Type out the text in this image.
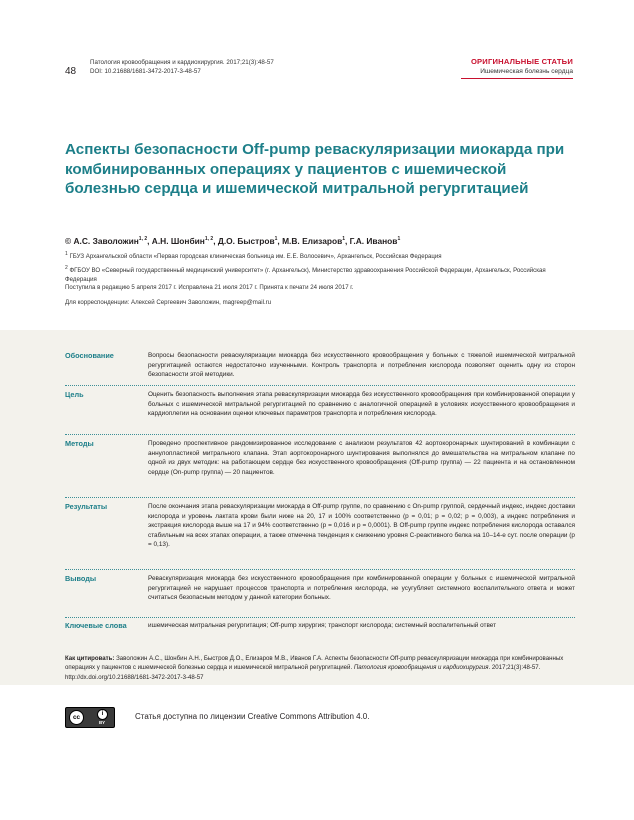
48
Патология кровообращения и кардиохирургия. 2017;21(3):48-57
DOI: 10.21688/1681-3472-2017-3-48-57
ОРИГИНАЛЬНЫЕ СТАТЬИ
Ишемическая болезнь сердца
Аспекты безопасности Off-pump реваскуляризации миокарда при комбинированных операциях у пациентов с ишемической болезнью сердца и ишемической митральной регургитацией
© А.С. Заволожин$^{1, 2}$, А.Н. Шонбин$^{1, 2}$, Д.О. Быстров$^1$, М.В. Елизаров$^1$, Г.А. Иванов$^1$
$^1$ ГБУЗ Архангельской области «Первая городская клиническая больница им. Е.Е. Волосевич», Архангельск, Российская Федерация
$^2$ ФГБОУ ВО «Северный государственный медицинский университет» (г. Архангельск), Министерство здравоохранения Российской Федерации, Архангельск, Российская Федерация
Поступила в редакцию 5 апреля 2017 г. Исправлена 21 июля 2017 г. Принята к печати 24 июля 2017 г.
Для корреспонденции: Алексей Сергеевич Заволожин, magreep@mail.ru
Обоснование	Вопросы безопасности реваскуляризации миокарда без искусственного кровообращения у больных с тяжелой ишемической митральной регургитацией остаются недостаточно изученными. Контроль транспорта и потребления кислорода позволяет оценить одну из сторон безопасности этой методики.
Цель	Оценить безопасность выполнения этапа реваскуляризации миокарда без искусственного кровообращения при комбинированной операции у больных с ишемической митральной регургитацией по сравнению с аналогичной операцией в условиях искусственного кровообращения и кардиоплегии на основании оценки ключевых параметров транспорта и потребления кислорода.
Методы	Проведено проспективное рандомизированное исследование с анализом результатов 42 аортокоронарных шунтирований в комбинации с аннулопластикой митрального клапана. Этап аортокоронарного шунтирования выполнялся до вмешательства на митральном клапане по одной из двух методик: на работающем сердце без искусственного кровообращения (Off-pump группа) — 22 пациента и на остановленном сердце (On-pump группа) — 20 пациентов.
Результаты	После окончания этапа реваскуляризации миокарда в Off-pump группе, по сравнению с On-pump группой, сердечный индекс, индекс доставки кислорода и уровень лактата крови были ниже на 20, 17 и 100% соответственно (p = 0,01; p = 0,02; p = 0,003), а индекс потребления и экстракция кислорода выше на 17 и 94% соответственно (p = 0,016 и p = 0,0001). В Off-pump группе индекс потребления кислорода оставался стабильным на всех этапах операции, а также отмечена тенденция к снижению уровня С-реактивного белка на 10–14-е сут. после операции (p = 0,13).
Выводы	Реваскуляризация миокарда без искусственного кровообращения при комбинированной операции у больных с ишемической митральной регургитацией не нарушает процессов транспорта и потребления кислорода, не усугубляет системного воспалительного ответа и может считаться безопасным методом у данной категории больных.
Ключевые слова	ишемическая митральная регургитация; Off-pump хирургия; транспорт кислорода; системный воспалительный ответ
Как цитировать: Заволожин А.С., Шонбин А.Н., Быстров Д.О., Елизаров М.В., Иванов Г.А. Аспекты безопасности Off-pump реваскуляризации миокарда при комбинированных операциях у пациентов с ишемической болезнью сердца и ишемической митральной регургитацией. Патология кровообращения и кардиохирургия. 2017;21(3):48-57. http://dx.doi.org/10.21688/1681-3472-2017-3-48-57
cc	i
BY
Статья доступна по лицензии Creative Commons Attribution 4.0.
